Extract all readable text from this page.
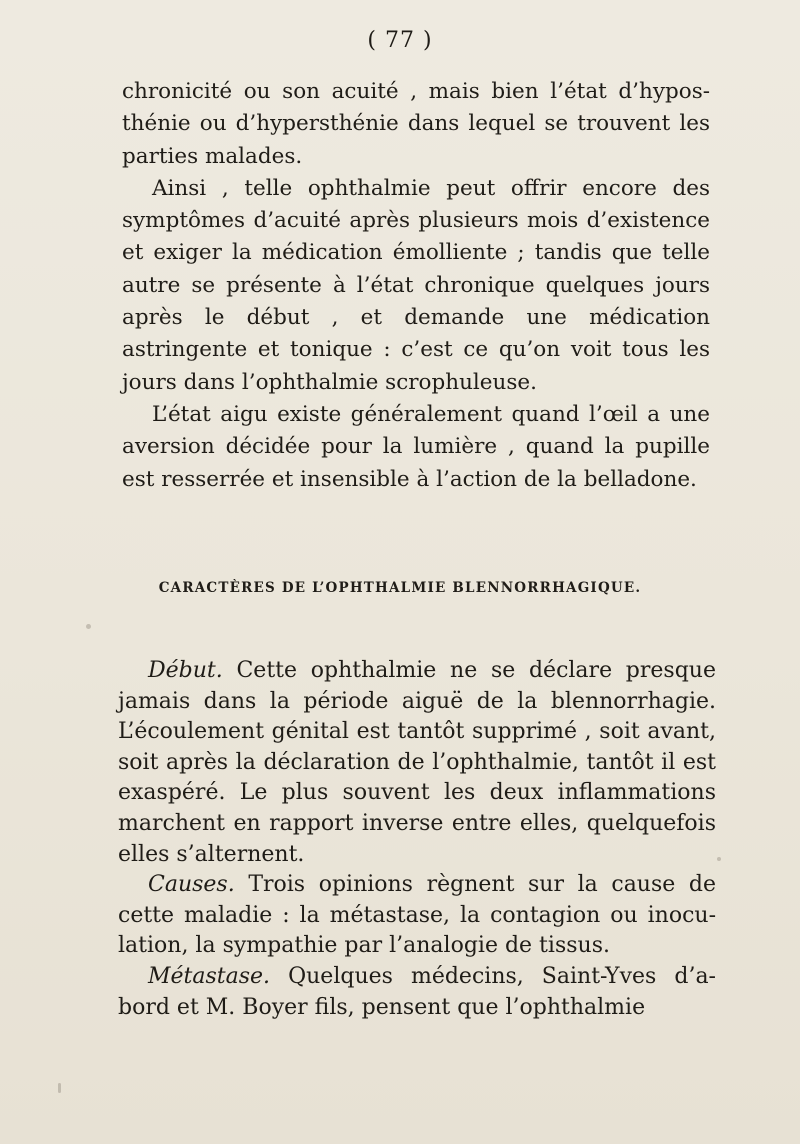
( 77 )

chronicité ou son acuité , mais bien l’état d’hypos-thénie ou d’hypersthénie dans lequel se trouvent les parties malades.

Ainsi , telle ophthalmie peut offrir encore des symptômes d’acuité après plusieurs mois d’existence et exiger la médication émolliente ; tandis que telle autre se présente à l’état chronique quelques jours après le début , et demande une médication astringente et tonique : c’est ce qu’on voit tous les jours dans l’ophthalmie scrophuleuse.

L’état aigu existe généralement quand l’œil a une aversion décidée pour la lumière , quand la pupille est resserrée et insensible à l’action de la belladone.

CARACTÈRES DE L’OPHTHALMIE BLENNORRHAGIQUE.

Début. Cette ophthalmie ne se déclare presque jamais dans la période aiguë de la blennorrhagie. L’écoulement génital est tantôt supprimé , soit avant, soit après la déclaration de l’ophthalmie, tantôt il est exaspéré. Le plus souvent les deux inflammations marchent en rapport inverse entre elles, quelquefois elles s’alternent.

Causes. Trois opinions règnent sur la cause de cette maladie : la métastase, la contagion ou inocu-lation, la sympathie par l’analogie de tissus.

Métastase. Quelques médecins, Saint-Yves d’a-bord et M. Boyer fils, pensent que l’ophthalmie
